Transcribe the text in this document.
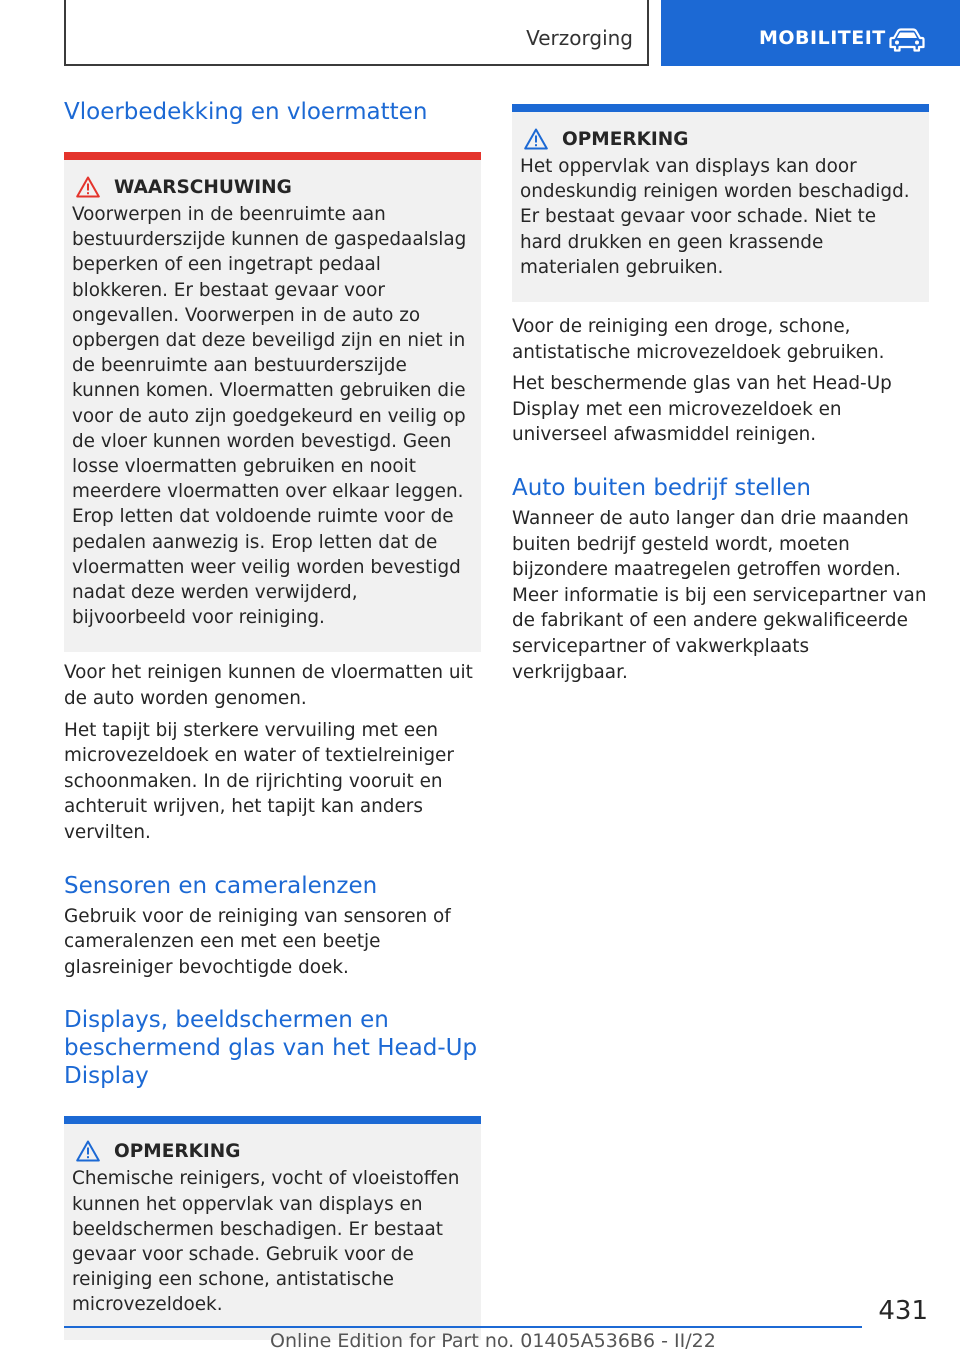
Verzorging	MOBILITEIT
Vloerbedekking en vloermatten
WAARSCHUWING

Voorwerpen in de beenruimte aan bestuurderszijde kunnen de gaspedaalslag beperken of een ingetrapt pedaal blokkeren. Er bestaat gevaar voor ongevallen. Voorwerpen in de auto zo opbergen dat deze beveiligd zijn en niet in de beenruimte aan bestuurderszijde kunnen komen. Vloermatten gebruiken die voor de auto zijn goedgekeurd en veilig op de vloer kunnen worden bevestigd. Geen losse vloermatten gebruiken en nooit meerdere vloermatten over elkaar leggen. Erop letten dat voldoende ruimte voor de pedalen aanwezig is. Erop letten dat de vloermatten weer veilig worden bevestigd nadat deze werden verwijderd, bijvoorbeeld voor reiniging.

Voor het reinigen kunnen de vloermatten uit de auto worden genomen.

Het tapijt bij sterkere vervuiling met een microvezeldoek en water of textielreiniger schoonmaken. In de rijrichting vooruit en achteruit wrijven, het tapijt kan anders vervilten.

Sensoren en cameralenzen

Gebruik voor de reiniging van sensoren of cameralenzen een met een beetje glasreiniger bevochtigde doek.

Displays, beeldschermen en beschermend glas van het Head-Up Display
OPMERKING

Chemische reinigers, vocht of vloeistoffen kunnen het oppervlak van displays en beeldschermen beschadigen. Er bestaat gevaar voor schade. Gebruik voor de reiniging een schone, antistatische microvezeldoek.

OPMERKING

Het oppervlak van displays kan door ondeskundig reinigen worden beschadigd. Er bestaat gevaar voor schade. Niet te hard drukken en geen krassende materialen gebruiken.

Voor de reiniging een droge, schone, antistatische microvezeldoek gebruiken.

Het beschermende glas van het Head-Up Display met een microvezeldoek en universeel afwasmiddel reinigen.

Auto buiten bedrijf stellen

Wanneer de auto langer dan drie maanden buiten bedrijf gesteld wordt, moeten bijzondere maatregelen getroffen worden. Meer informatie is bij een servicepartner van de fabrikant of een andere gekwalificeerde servicepartner of vakwerkplaats verkrijgbaar.

431
Online Edition for Part no. 01405A536B6 - II/22
